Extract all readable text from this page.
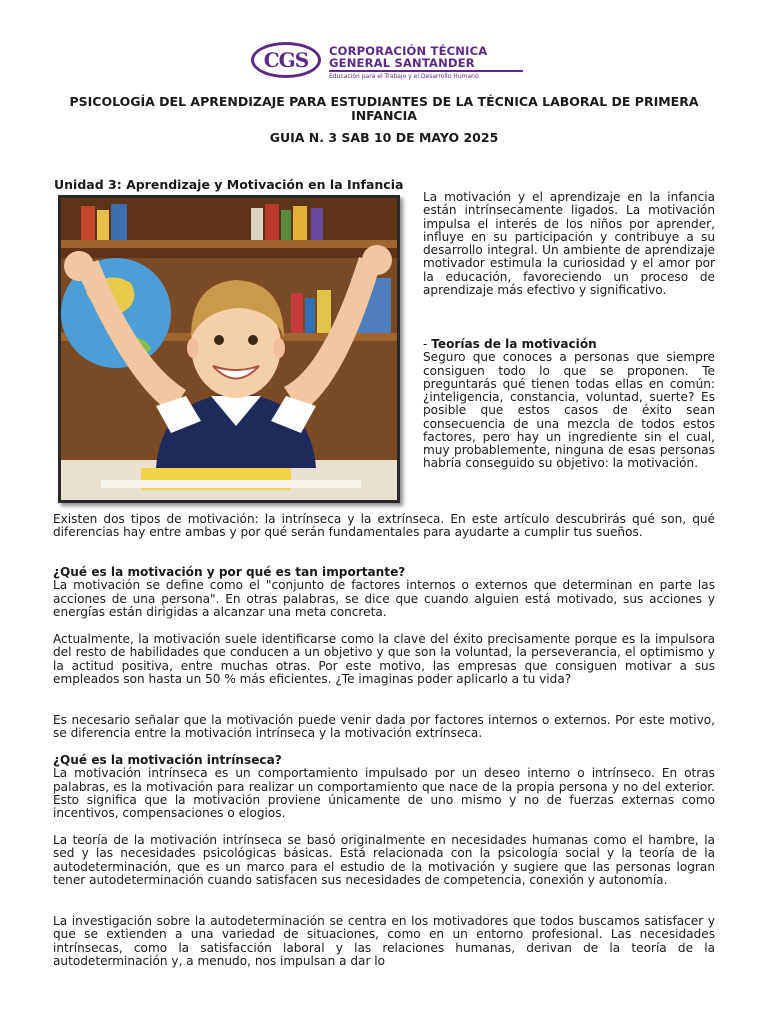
CGS CORPORACIÓN TÉCNICA
GENERAL SANTANDER
Educación para el Trabajo y el Desarrollo Humano
PSICOLOGÍA DEL APRENDIZAJE PARA ESTUDIANTES DE LA TÉCNICA LABORAL DE PRIMERA INFANCIA
GUIA N. 3 SAB 10 DE MAYO 2025
Unidad 3: Aprendizaje y Motivación en la Infancia

La motivación y el aprendizaje en la infancia están intrínsecamente ligados. La motivación impulsa el interés de los niños por aprender, influye en su participación y contribuye a su desarrollo integral. Un ambiente de aprendizaje motivador estimula la curiosidad y el amor por la educación, favoreciendo un proceso de aprendizaje más efectivo y significativo.

- Teorías de la motivación

Seguro que conoces a personas que siempre consiguen todo lo que se proponen. Te preguntarás qué tienen todas ellas en común: ¿inteligencia, constancia, voluntad, suerte? Es posible que estos casos de éxito sean consecuencia de una mezcla de todos estos factores, pero hay un ingrediente sin el cual, muy probablemente, ninguna de esas personas habría conseguido su objetivo: la motivación.

Existen dos tipos de motivación: la intrínseca y la extrínseca. En este artículo descubrirás qué son, qué diferencias hay entre ambas y por qué serán fundamentales para ayudarte a cumplir tus sueños.

¿Qué es la motivación y por qué es tan importante?

La motivación se define como el "conjunto de factores internos o externos que determinan en parte las acciones de una persona". En otras palabras, se dice que cuando alguien está motivado, sus acciones y energías están dirigidas a alcanzar una meta concreta.

Actualmente, la motivación suele identificarse como la clave del éxito precisamente porque es la impulsora del resto de habilidades que conducen a un objetivo y que son la voluntad, la perseverancia, el optimismo y la actitud positiva, entre muchas otras. Por este motivo, las empresas que consiguen motivar a sus empleados son hasta un 50 % más eficientes. ¿Te imaginas poder aplicarlo a tu vida?

Es necesario señalar que la motivación puede venir dada por factores internos o externos. Por este motivo, se diferencia entre la motivación intrínseca y la motivación extrínseca.

¿Qué es la motivación intrínseca?

La motivación intrínseca es un comportamiento impulsado por un deseo interno o intrínseco. En otras palabras, es la motivación para realizar un comportamiento que nace de la propia persona y no del exterior. Esto significa que la motivación proviene únicamente de uno mismo y no de fuerzas externas como incentivos, compensaciones o elogios.

La teoría de la motivación intrínseca se basó originalmente en necesidades humanas como el hambre, la sed y las necesidades psicológicas básicas. Está relacionada con la psicología social y la teoría de la autodeterminación, que es un marco para el estudio de la motivación y sugiere que las personas logran tener autodeterminación cuando satisfacen sus necesidades de competencia, conexión y autonomía.

La investigación sobre la autodeterminación se centra en los motivadores que todos buscamos satisfacer y que se extienden a una variedad de situaciones, como en un entorno profesional. Las necesidades intrínsecas, como la satisfacción laboral y las relaciones humanas, derivan de la teoría de la autodeterminación y, a menudo, nos impulsan a dar lo
